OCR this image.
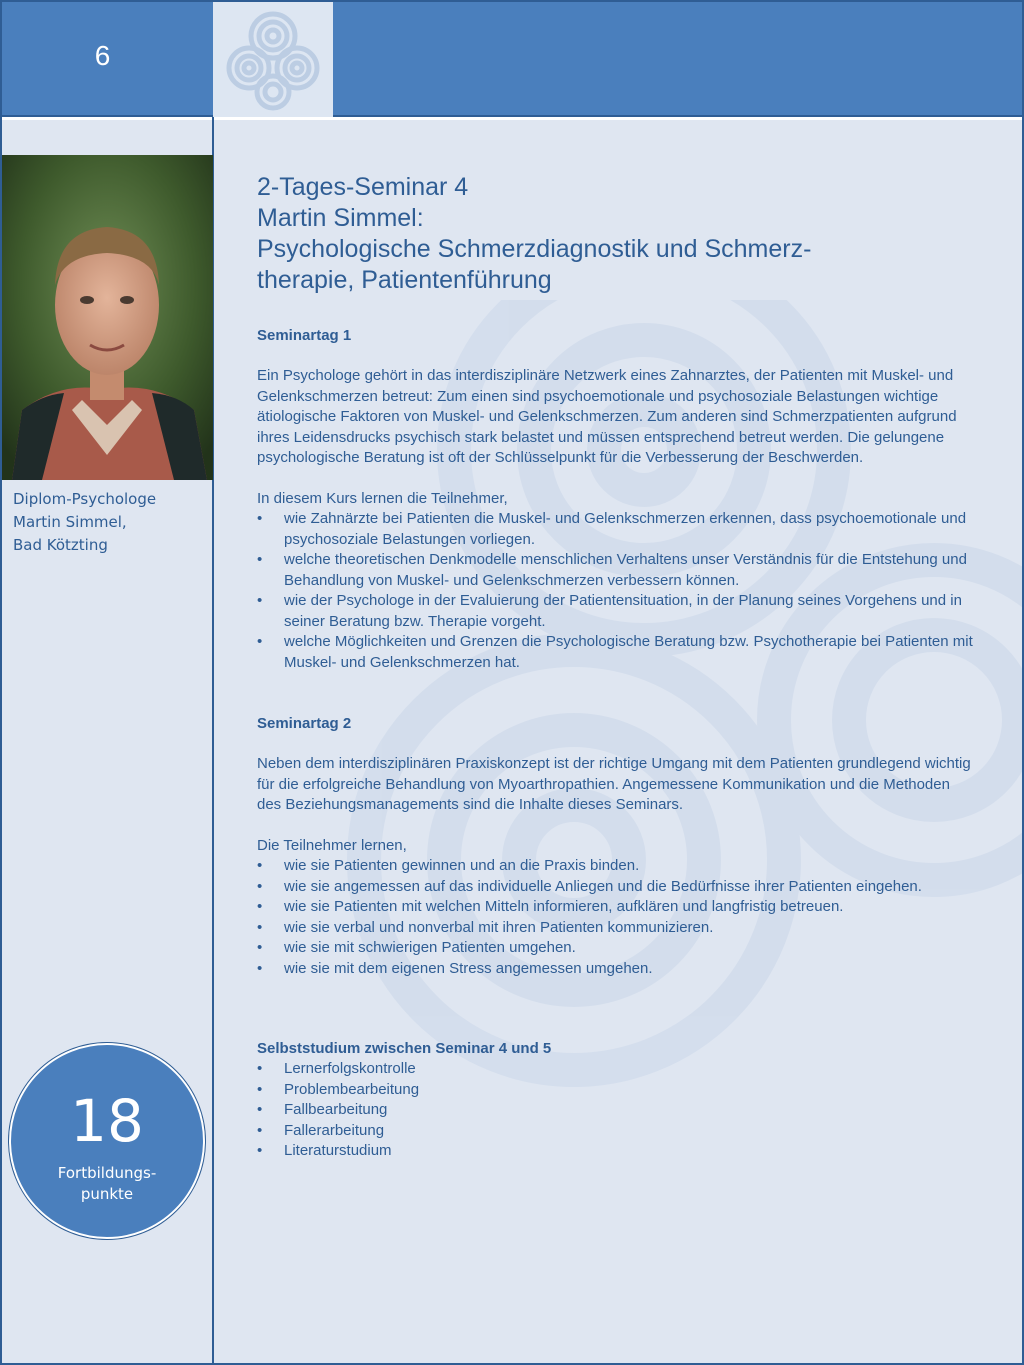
6
Diplom-Psychologe
Martin Simmel,
Bad Kötzting
18
Fortbildungs-
punkte
2-Tages-Seminar 4
Martin Simmel:
Psychologische Schmerzdiagnostik und Schmerz-
therapie, Patientenführung
Seminartag 1

Ein Psychologe gehört in das interdisziplinäre Netzwerk eines Zahnarztes, der Patienten mit Muskel- und Gelenkschmerzen betreut: Zum einen sind psychoemotionale und psychosoziale Belastungen wichtige ätiologische Faktoren von Muskel- und Gelenkschmerzen. Zum anderen sind Schmerzpatienten aufgrund ihres Leidensdrucks psychisch stark belastet und müssen entsprechend betreut werden. Die gelungene psychologische Beratung ist oft der Schlüsselpunkt für die Verbesserung der Beschwerden.

In diesem Kurs lernen die Teilnehmer,

• wie Zahnärzte bei Patienten die Muskel- und Gelenkschmerzen erkennen, dass psychoemotionale und psychosoziale Belastungen vorliegen.
• welche theoretischen Denkmodelle menschlichen Verhaltens unser Verständnis für die Entstehung und Behandlung von Muskel- und Gelenkschmerzen verbessern können.
• wie der Psychologe in der Evaluierung der Patientensituation, in der Planung seines Vorgehens und in seiner Beratung bzw. Therapie vorgeht.
• welche Möglichkeiten und Grenzen die Psychologische Beratung bzw. Psychotherapie bei Patienten mit Muskel- und Gelenkschmerzen hat.
Seminartag 2

Neben dem interdisziplinären Praxiskonzept ist der richtige Umgang mit dem Patienten grundlegend wichtig für die erfolgreiche Behandlung von Myoarthropathien. Angemessene Kommunikation und die Methoden des Beziehungsmanagements sind die Inhalte dieses Seminars.

Die Teilnehmer lernen,

• wie sie Patienten gewinnen und an die Praxis binden.
• wie sie angemessen auf das individuelle Anliegen und die Bedürfnisse ihrer Patienten eingehen.
• wie sie Patienten mit welchen Mitteln informieren, aufklären und langfristig betreuen.
• wie sie verbal und nonverbal mit ihren Patienten kommunizieren.
• wie sie mit schwierigen Patienten umgehen.
• wie sie mit dem eigenen Stress angemessen umgehen.
Selbststudium zwischen Seminar 4 und 5
• Lernerfolgskontrolle
• Problembearbeitung
• Fallbearbeitung
• Fallerarbeitung
• Literaturstudium
